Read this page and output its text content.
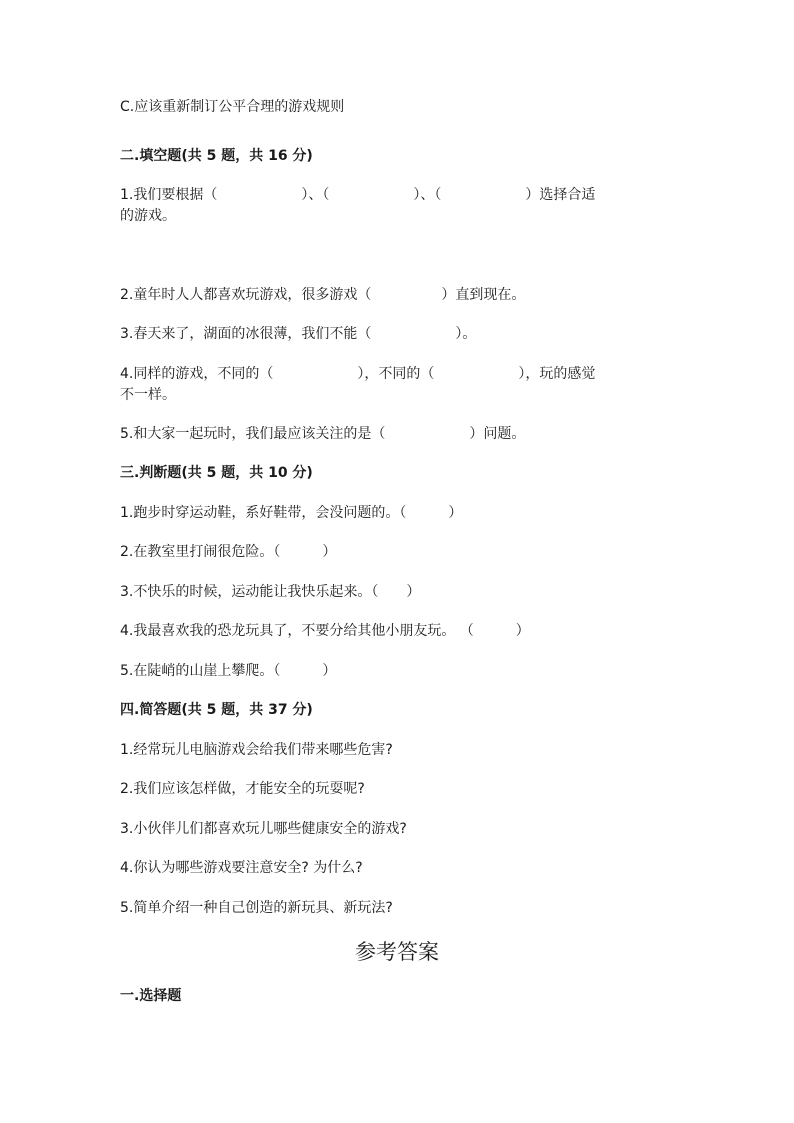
C.应该重新制订公平合理的游戏规则

二.填空题(共 5 题，共 16 分)

1.我们要根据（　　　　　　）、（　　　　　　）、（　　　　　　）选择合适

的游戏。

2.童年时人人都喜欢玩游戏，很多游戏（　　　　　）直到现在。

3.春天来了，湖面的冰很薄，我们不能（　　　　　　）。

4.同样的游戏，不同的（　　　　　　），不同的（　　　　　　），玩的感觉

不一样。

5.和大家一起玩时，我们最应该关注的是（　　　　　　）问题。

三.判断题(共 5 题，共 10 分)

1.跑步时穿运动鞋，系好鞋带，会没问题的。（　　　）

2.在教室里打闹很危险。（　　　）

3.不快乐的时候，运动能让我快乐起来。（　　）

4.我最喜欢我的恐龙玩具了，不要分给其他小朋友玩。 （　　　）

5.在陡峭的山崖上攀爬。（　　　）

四.简答题(共 5 题，共 37 分)

1.经常玩儿电脑游戏会给我们带来哪些危害?

2.我们应该怎样做，才能安全的玩耍呢?

3.小伙伴儿们都喜欢玩儿哪些健康安全的游戏?

4.你认为哪些游戏要注意安全? 为什么?

5.简单介绍一种自己创造的新玩具、新玩法?

参考答案

一.选择题
